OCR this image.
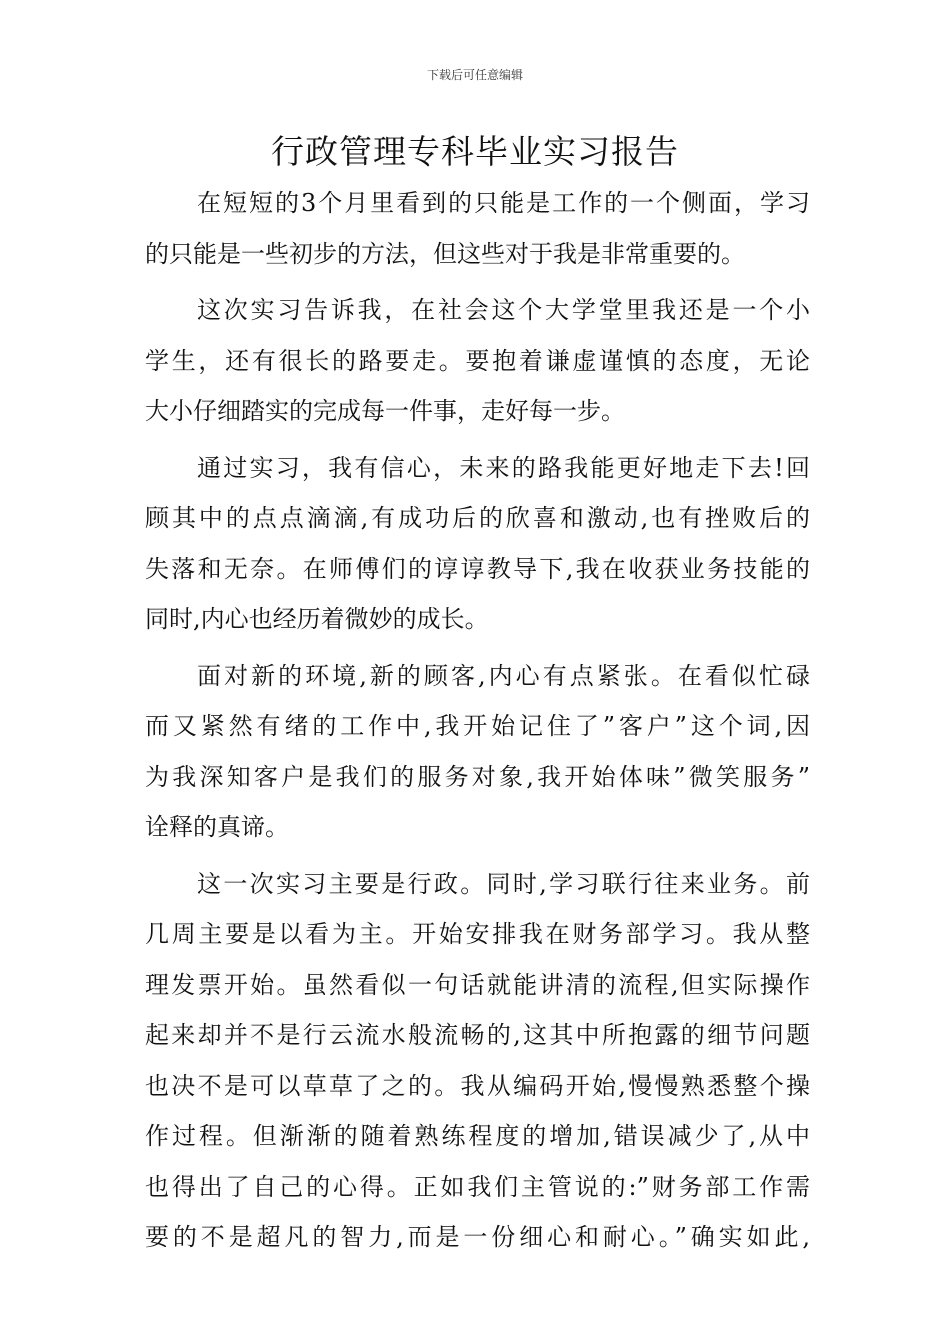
下载后可任意编辑
行政管理专科毕业实习报告

在短短的3个月里看到的只能是工作的一个侧面，学习
的只能是一些初步的方法，但这些对于我是非常重要的。

这次实习告诉我，在社会这个大学堂里我还是一个小
学生，还有很长的路要走。要抱着谦虚谨慎的态度，无论
大小仔细踏实的完成每一件事，走好每一步。

通过实习，我有信心，未来的路我能更好地走下去!回
顾其中的点点滴滴,有成功后的欣喜和激动,也有挫败后的
失落和无奈。在师傅们的谆谆教导下,我在收获业务技能的
同时,内心也经历着微妙的成长。

面对新的环境,新的顾客,内心有点紧张。在看似忙碌
而又紧然有绪的工作中,我开始记住了”客户”这个词,因
为我深知客户是我们的服务对象,我开始体味”微笑服务”
诠释的真谛。

这一次实习主要是行政。同时,学习联行往来业务。前
几周主要是以看为主。开始安排我在财务部学习。我从整
理发票开始。虽然看似一句话就能讲清的流程,但实际操作
起来却并不是行云流水般流畅的,这其中所抱露的细节问题
也决不是可以草草了之的。我从编码开始,慢慢熟悉整个操
作过程。但渐渐的随着熟练程度的增加,错误减少了,从中
也得出了自己的心得。正如我们主管说的:”财务部工作需
要的不是超凡的智力,而是一份细心和耐心。”确实如此,
